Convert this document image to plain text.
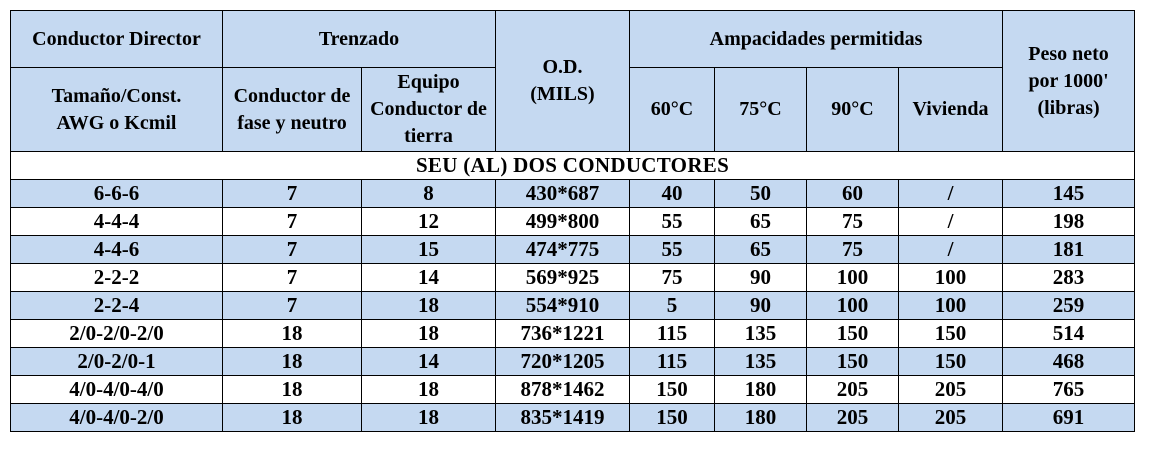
Conductor Director	Trenzado		O.D. (MILS)	Ampacidades permitidas				Peso neto por 1000' (libras)
Tamaño/Const. AWG o Kcmil	Conductor de fase y neutro	Equipo Conductor de tierra		60°C	75°C	90°C	Vivienda	
SEU (AL) DOS CONDUCTORES								
6-6-6	7	8	430*687	40	50	60	/	145
4-4-4	7	12	499*800	55	65	75	/	198
4-4-6	7	15	474*775	55	65	75	/	181
2-2-2	7	14	569*925	75	90	100	100	283
2-2-4	7	18	554*910	5	90	100	100	259
2/0-2/0-2/0	18	18	736*1221	115	135	150	150	514
2/0-2/0-1	18	14	720*1205	115	135	150	150	468
4/0-4/0-4/0	18	18	878*1462	150	180	205	205	765
4/0-4/0-2/0	18	18	835*1419	150	180	205	205	691
